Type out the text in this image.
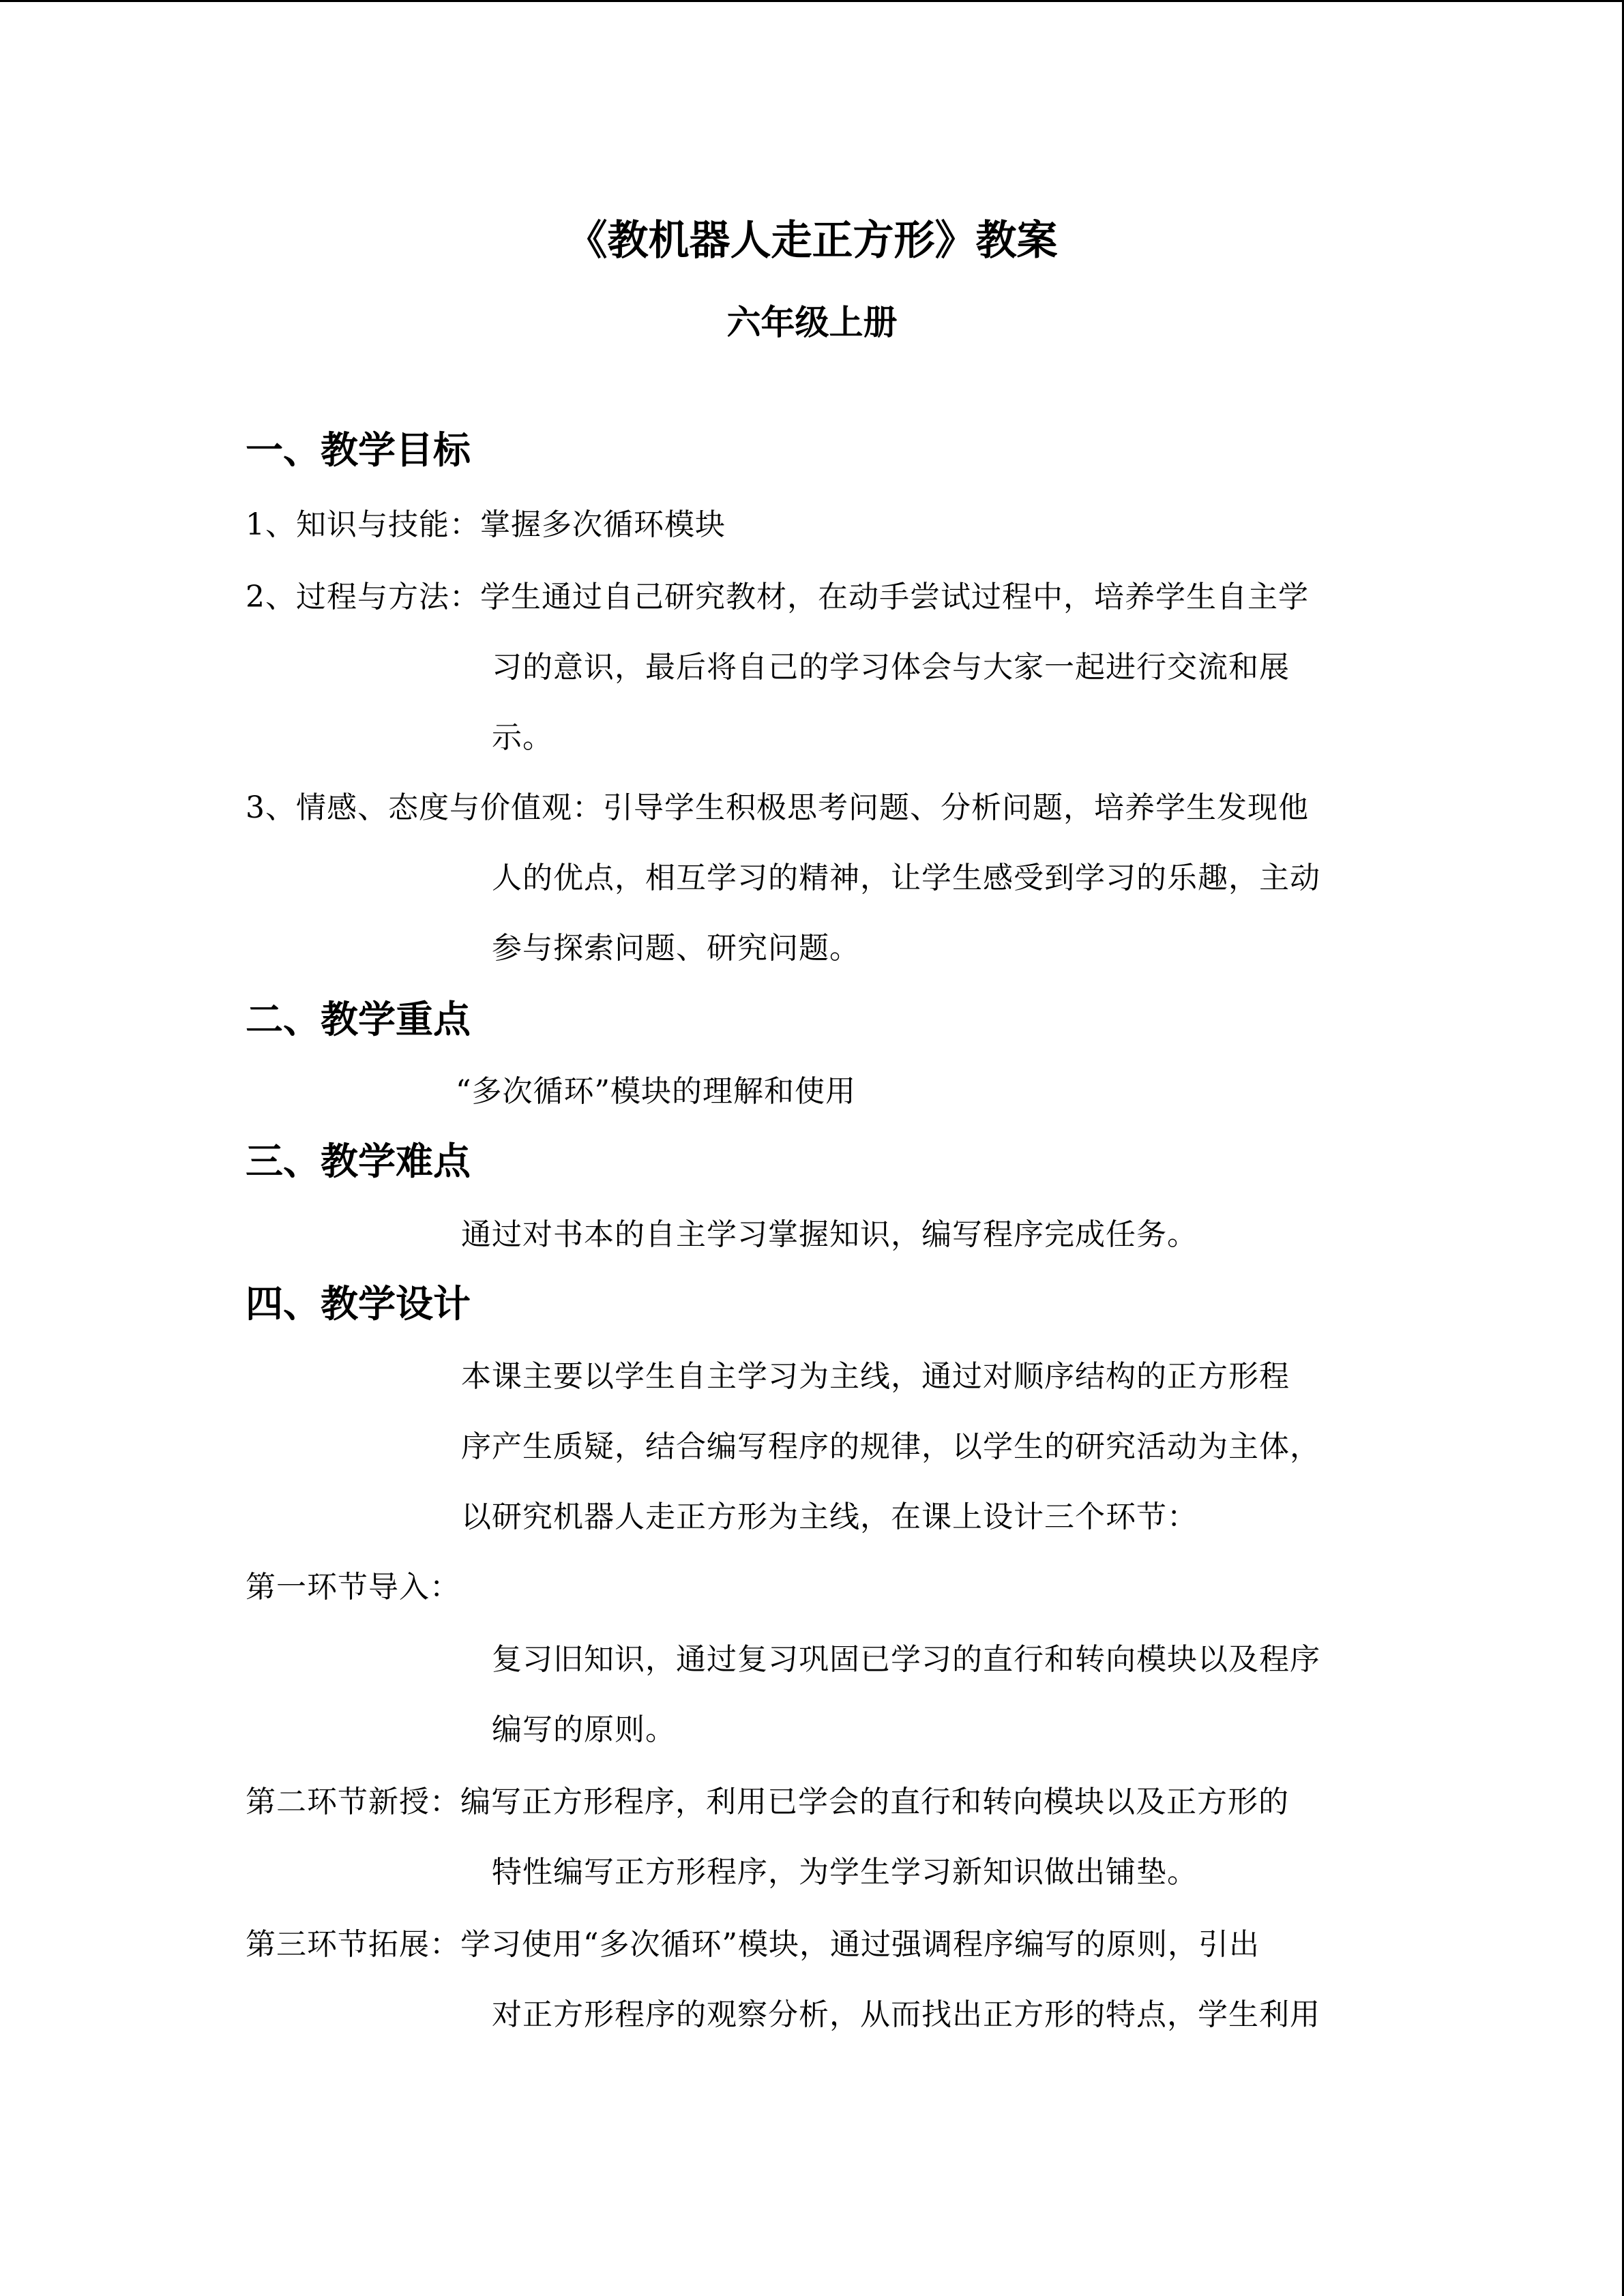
《教机器人走正方形》教案
六年级上册
一、教学目标
1、知识与技能：掌握多次循环模块
2、过程与方法：学生通过自己研究教材，在动手尝试过程中，培养学生自主学
习的意识，最后将自己的学习体会与大家一起进行交流和展
示。
3、情感、态度与价值观：引导学生积极思考问题、分析问题，培养学生发现他
人的优点，相互学习的精神，让学生感受到学习的乐趣，主动
参与探索问题、研究问题。
二、教学重点
“多次循环”模块的理解和使用
三、教学难点
通过对书本的自主学习掌握知识，编写程序完成任务。
四、教学设计
本课主要以学生自主学习为主线，通过对顺序结构的正方形程
序产生质疑，结合编写程序的规律，以学生的研究活动为主体，
以研究机器人走正方形为主线，在课上设计三个环节：
第一环节导入：
复习旧知识，通过复习巩固已学习的直行和转向模块以及程序
编写的原则。
第二环节新授：编写正方形程序，利用已学会的直行和转向模块以及正方形的
特性编写正方形程序，为学生学习新知识做出铺垫。
第三环节拓展：学习使用“多次循环”模块，通过强调程序编写的原则，引出
对正方形程序的观察分析，从而找出正方形的特点，学生利用
